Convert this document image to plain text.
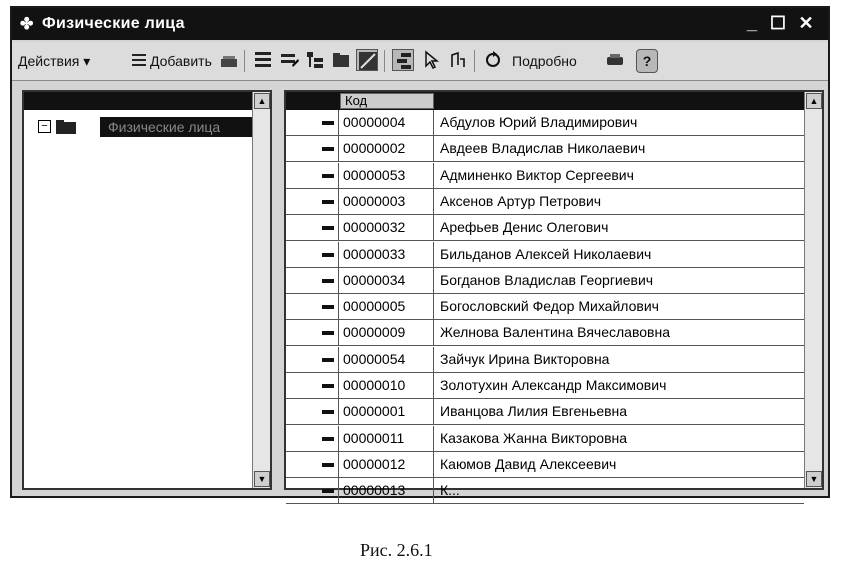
✤ Физические лица	_ ☐ ✕
Действия ▾	Добавить	Подробно	?
−	Физические лица
▲
▼
Код
00000004	Абдулов Юрий Владимирович
00000002	Авдеев Владислав Николаевич
00000053	Админенко Виктор Сергеевич
00000003	Аксенов Артур Петрович
00000032	Арефьев Денис Олегович
00000033	Бильданов Алексей Николаевич
00000034	Богданов Владислав Георгиевич
00000005	Богословский Федор Михайлович
00000009	Желнова Валентина Вячеславовна
00000054	Зайчук Ирина Викторовна
00000010	Золотухин Александр Максимович
00000001	Иванцова Лилия Евгеньевна
00000011	Казакова Жанна Викторовна
00000012	Каюмов Давид Алексеевич
00000013	К...
▲
▼
Рис. 2.6.1
